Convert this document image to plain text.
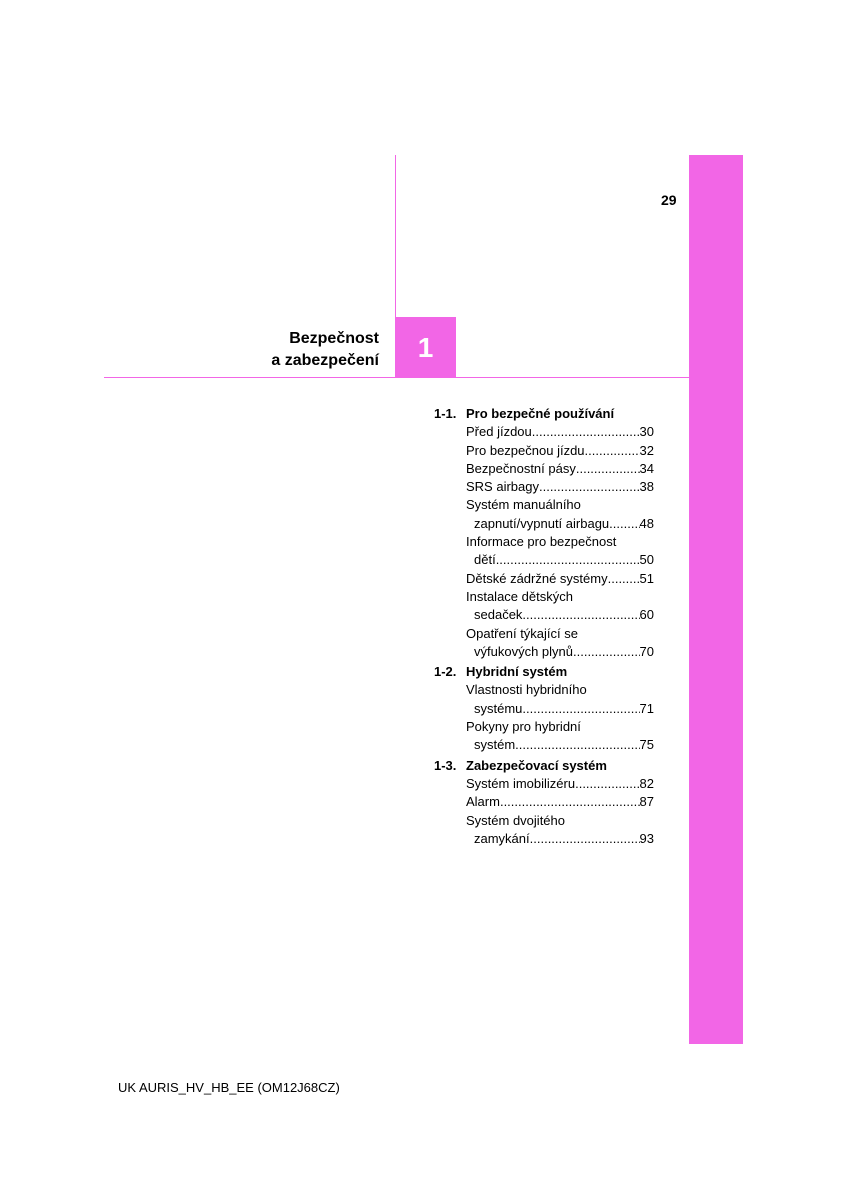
29
Bezpečnost
a zabezpečení 1
1-1. Pro bezpečné používání
Před jízdou .....	30
Pro bezpečnou jízdu .....	32
Bezpečnostní pásy .....	34
SRS airbagy .....	38
Systém manuálního
zapnutí/vypnutí airbagu ..... 48
Informace pro bezpečnost
dětí .....	50
Dětské zádržné systémy ..... 51
Instalace dětských
sedaček .....	60
Opatření týkající se
výfukových plynů .....	70
1-2. Hybridní systém
Vlastnosti hybridního
systému .....	71
Pokyny pro hybridní
systém .....	75
1-3. Zabezpečovací systém
Systém imobilizéru .....	82
Alarm .....	87
Systém dvojitého
zamykání .....	93
UK AURIS_HV_HB_EE (OM12J68CZ)
